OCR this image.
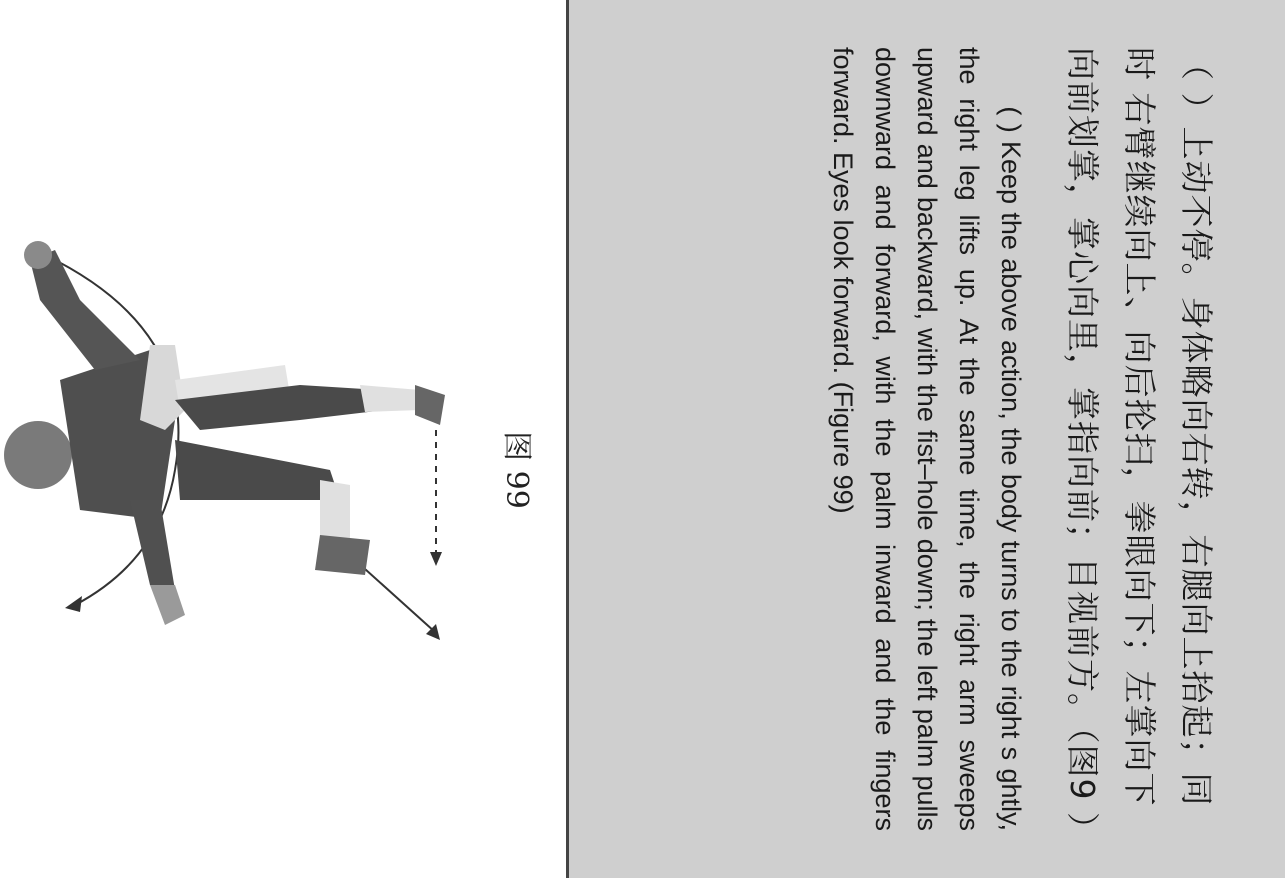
图 99	（ ）上动不停。身体略向右转，右腿向上抬起；同时 右臂继续向上、向后抡扫，拳眼向下；左掌向下 向前划掌，掌心向里，掌指向前；目视前方。（图9 ）

( ) Keep the above action, the body turns to the right s ghtly, the right leg lifts up. At the same time, the right arm sweeps upward and backward, with the fist–hole down; the left palm pulls downward and forward, with the palm inward and the fingers forward. Eyes look forward. (Figure 99)
